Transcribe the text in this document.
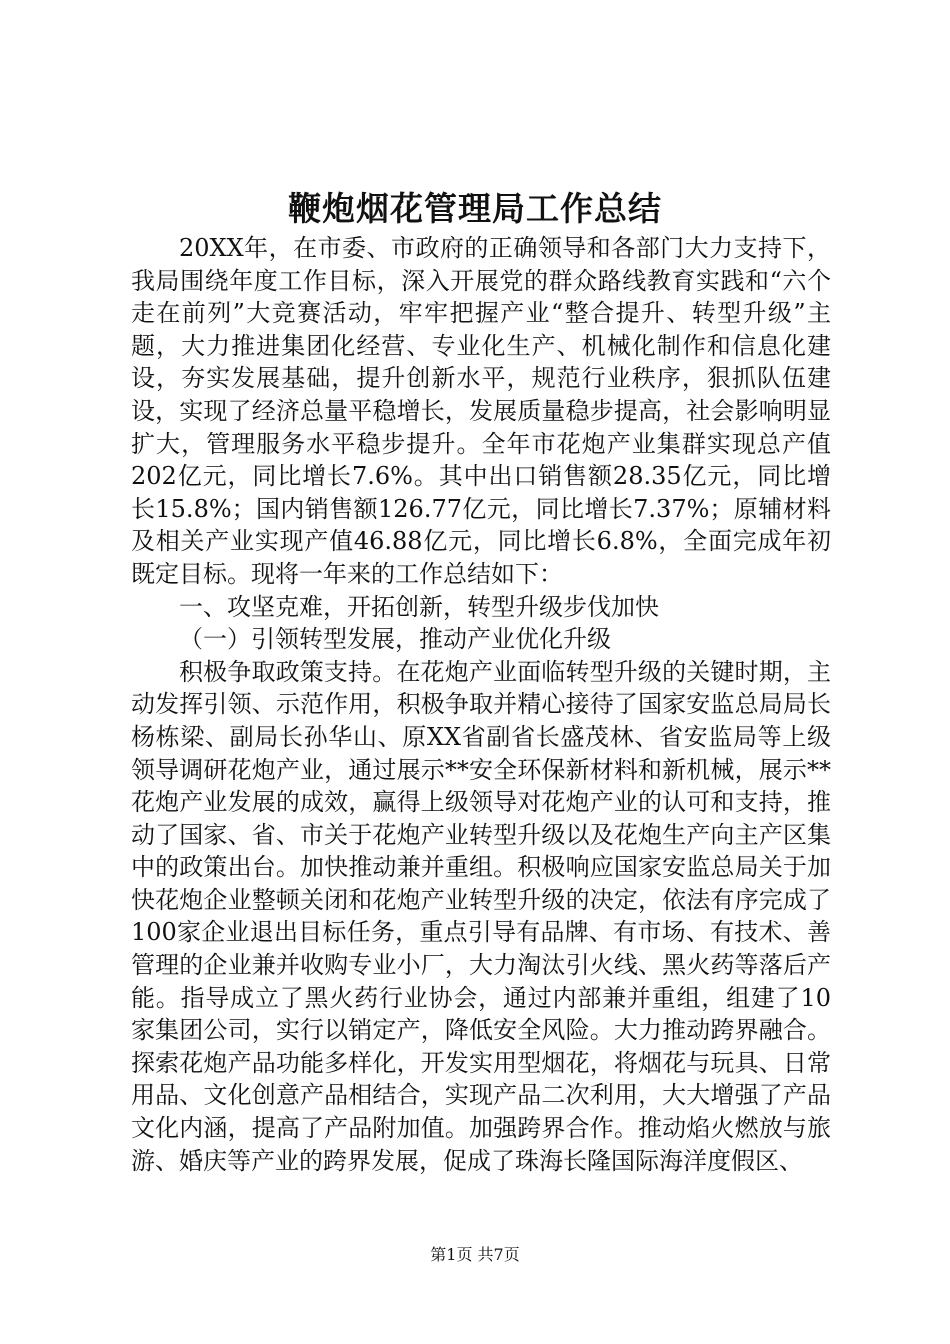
鞭炮烟花管理局工作总结

20XX年，在市委、市政府的正确领导和各部门大力支持下，我局围绕年度工作目标，深入开展党的群众路线教育实践和“六个走在前列”大竞赛活动，牢牢把握产业“整合提升、转型升级”主题，大力推进集团化经营、专业化生产、机械化制作和信息化建设，夯实发展基础，提升创新水平，规范行业秩序，狠抓队伍建设，实现了经济总量平稳增长，发展质量稳步提高，社会影响明显扩大，管理服务水平稳步提升。全年市花炮产业集群实现总产值202亿元，同比增长7.6%。其中出口销售额28.35亿元，同比增长15.8%；国内销售额126.77亿元，同比增长7.37%；原辅材料及相关产业实现产值46.88亿元，同比增长6.8%，全面完成年初既定目标。现将一年来的工作总结如下：

一、攻坚克难，开拓创新，转型升级步伐加快

（一）引领转型发展，推动产业优化升级

积极争取政策支持。在花炮产业面临转型升级的关键时期，主动发挥引领、示范作用，积极争取并精心接待了国家安监总局局长杨栋梁、副局长孙华山、原XX省副省长盛茂林、省安监局等上级领导调研花炮产业，通过展示**安全环保新材料和新机械，展示**花炮产业发展的成效，赢得上级领导对花炮产业的认可和支持，推动了国家、省、市关于花炮产业转型升级以及花炮生产向主产区集中的政策出台。加快推动兼并重组。积极响应国家安监总局关于加快花炮企业整顿关闭和花炮产业转型升级的决定，依法有序完成了100家企业退出目标任务，重点引导有品牌、有市场、有技术、善管理的企业兼并收购专业小厂，大力淘汰引火线、黑火药等落后产能。指导成立了黑火药行业协会，通过内部兼并重组，组建了10家集团公司，实行以销定产，降低安全风险。大力推动跨界融合。探索花炮产品功能多样化，开发实用型烟花，将烟花与玩具、日常用品、文化创意产品相结合，实现产品二次利用，大大增强了产品文化内涵，提高了产品附加值。加强跨界合作。推动焰火燃放与旅游、婚庆等产业的跨界发展，促成了珠海长隆国际海洋度假区、

第1页 共7页
